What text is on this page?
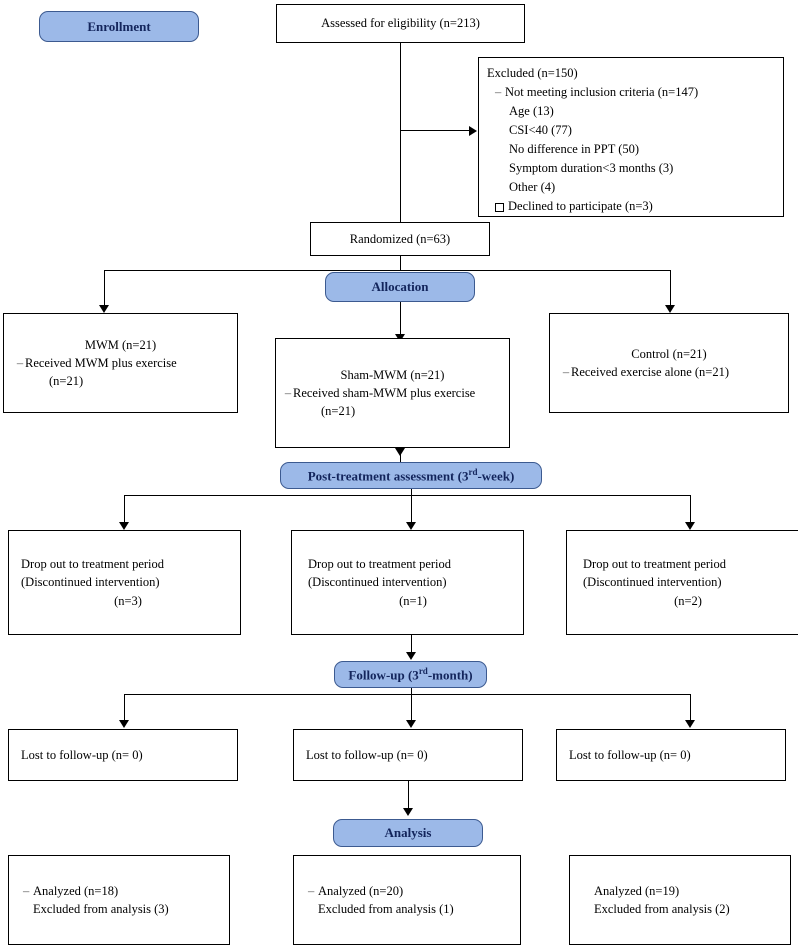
Enrollment	Assessed for eligibility (n=213)
Excluded (n=150)
– Not meeting inclusion criteria (n=147)
Age (13)
CSI<40 (77)
No difference in PPT (50)
Symptom duration<3 months (3)
Other (4)
Declined to participate (n=3)
Randomized (n=63)
Allocation
MWM (n=21)
– Received MWM plus exercise
(n=21)	Sham-MWM (n=21)
– Received sham-MWM plus exercise
(n=21)
Control (n=21)
– Received exercise alone (n=21)
Post-treatment assessment (3rd-week)
Drop out to treatment period
(Discontinued intervention)
(n=3)
Drop out to treatment period
(Discontinued intervention)
(n=1)
Drop out to treatment period
(Discontinued intervention)
(n=2)
Follow-up (3rd-month)
Lost to follow-up (n= 0)	Lost to follow-up (n= 0)	Lost to follow-up (n= 0)
Analysis
– Analyzed (n=18)
Excluded from analysis (3)
– Analyzed (n=20)
Excluded from analysis (1)
Analyzed (n=19)
Excluded from analysis (2)
